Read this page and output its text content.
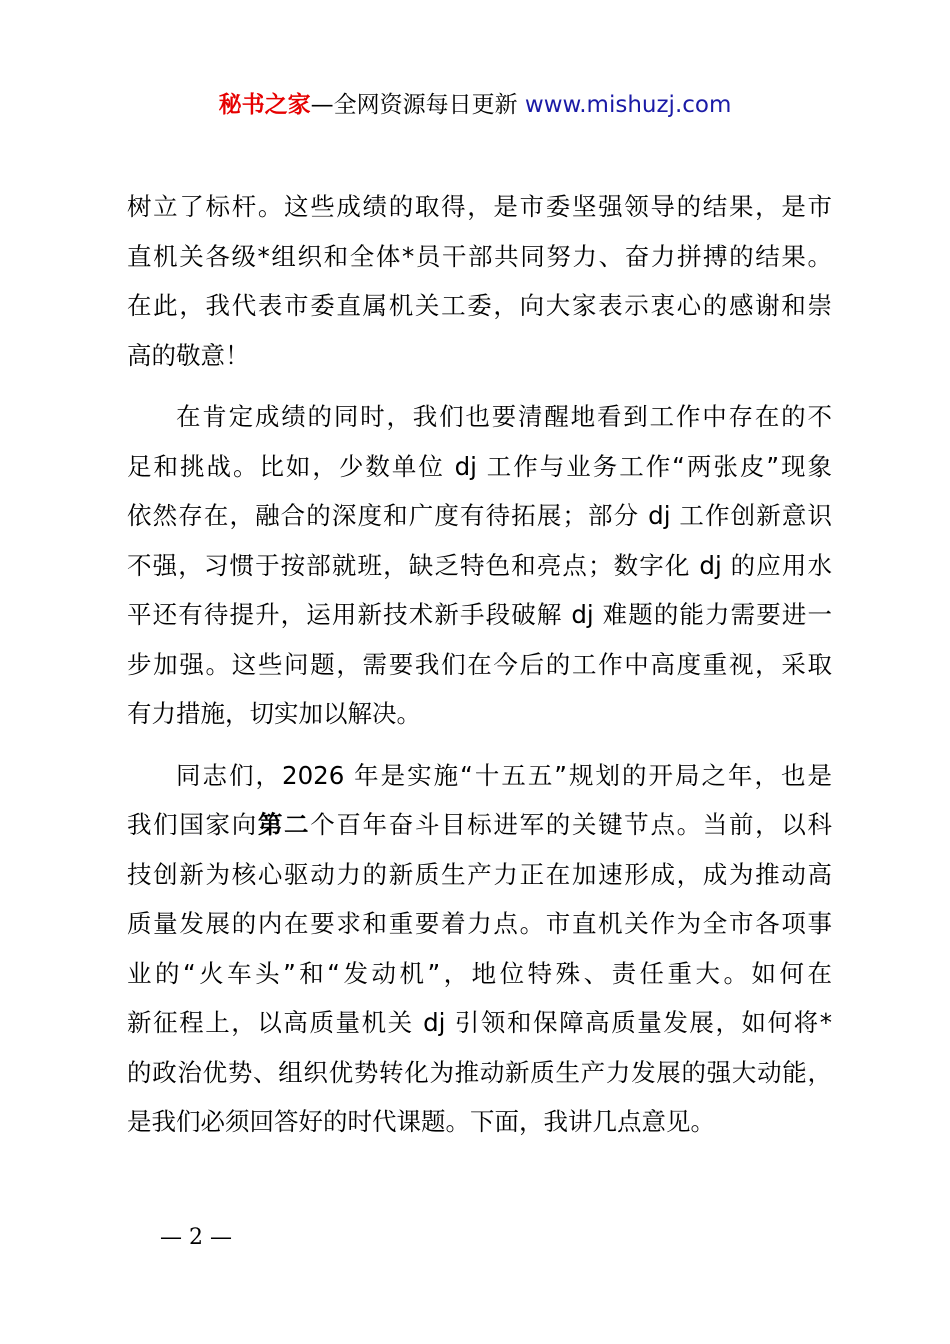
秘书之家—全网资源每日更新 www.mishuzj.com

树立了标杆。这些成绩的取得，是市委坚强领导的结果，是市
直机关各级*组织和全体*员干部共同努力、奋力拼搏的结果。
在此，我代表市委直属机关工委，向大家表示衷心的感谢和崇
高的敬意！

在肯定成绩的同时，我们也要清醒地看到工作中存在的不
足和挑战。比如，少数单位 dj 工作与业务工作“两张皮”现象
依然存在，融合的深度和广度有待拓展；部分 dj 工作创新意识
不强，习惯于按部就班，缺乏特色和亮点；数字化 dj 的应用水
平还有待提升，运用新技术新手段破解 dj 难题的能力需要进一
步加强。这些问题，需要我们在今后的工作中高度重视，采取
有力措施，切实加以解决。

同志们，2026 年是实施“十五五”规划的开局之年，也是
我们国家向第二个百年奋斗目标进军的关键节点。当前，以科
技创新为核心驱动力的新质生产力正在加速形成，成为推动高
质量发展的内在要求和重要着力点。市直机关作为全市各项事
业的“火车头”和“发动机”，地位特殊、责任重大。如何在
新征程上，以高质量机关 dj 引领和保障高质量发展，如何将*
的政治优势、组织优势转化为推动新质生产力发展的强大动能，
是我们必须回答好的时代课题。下面，我讲几点意见。

— 2 —
